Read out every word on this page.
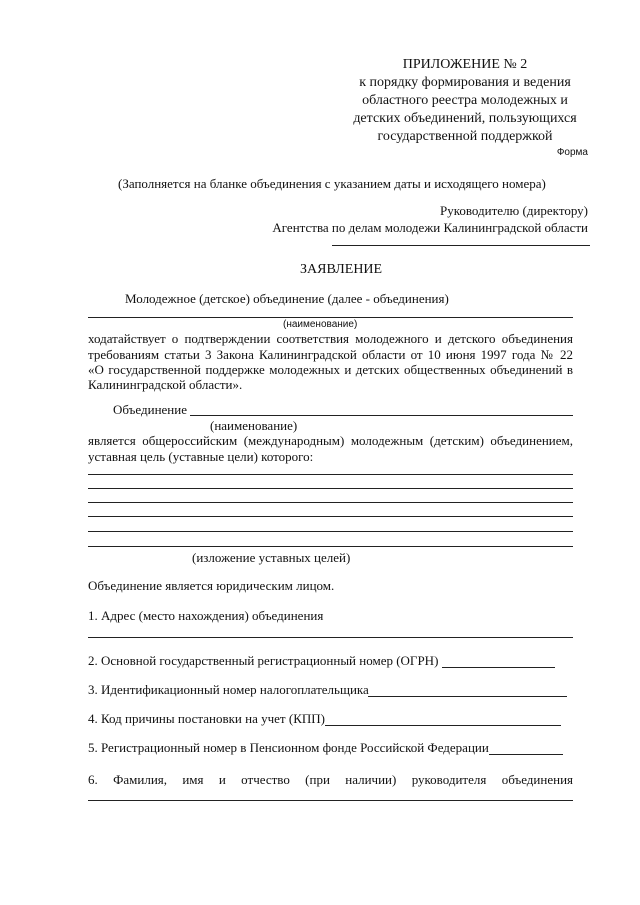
ПРИЛОЖЕНИЕ № 2
к порядку формирования и ведения
областного реестра молодежных и
детских объединений, пользующихся
государственной поддержкой
Форма
(Заполняется на бланке объединения с указанием даты и исходящего номера)
Руководителю (директору)
Агентства по делам молодежи Калининградской области
ЗАЯВЛЕНИЕ
Молодежное (детское) объединение (далее - объединения)
(наименование)
ходатайствует о подтверждении соответствия молодежного и детского объединения
требованиям статьи 3 Закона Калининградской области от 10 июня 1997 года № 22
«О государственной поддержке молодежных и детских общественных объединений в
Калининградской области».
Объединение
(наименование)
является общероссийским (международным) молодежным (детским) объединением,
уставная цель (уставные цели) которого:
(изложение уставных целей)
Объединение является юридическим лицом.
1. Адрес (место нахождения) объединения
2. Основной государственный регистрационный номер (ОГРН)
3. Идентификационный номер налогоплательщика
4. Код причины постановки на учет (КПП)
5. Регистрационный номер в Пенсионном фонде Российской Федерации
6. Фамилия, имя и отчество (при наличии) руководителя объединения
